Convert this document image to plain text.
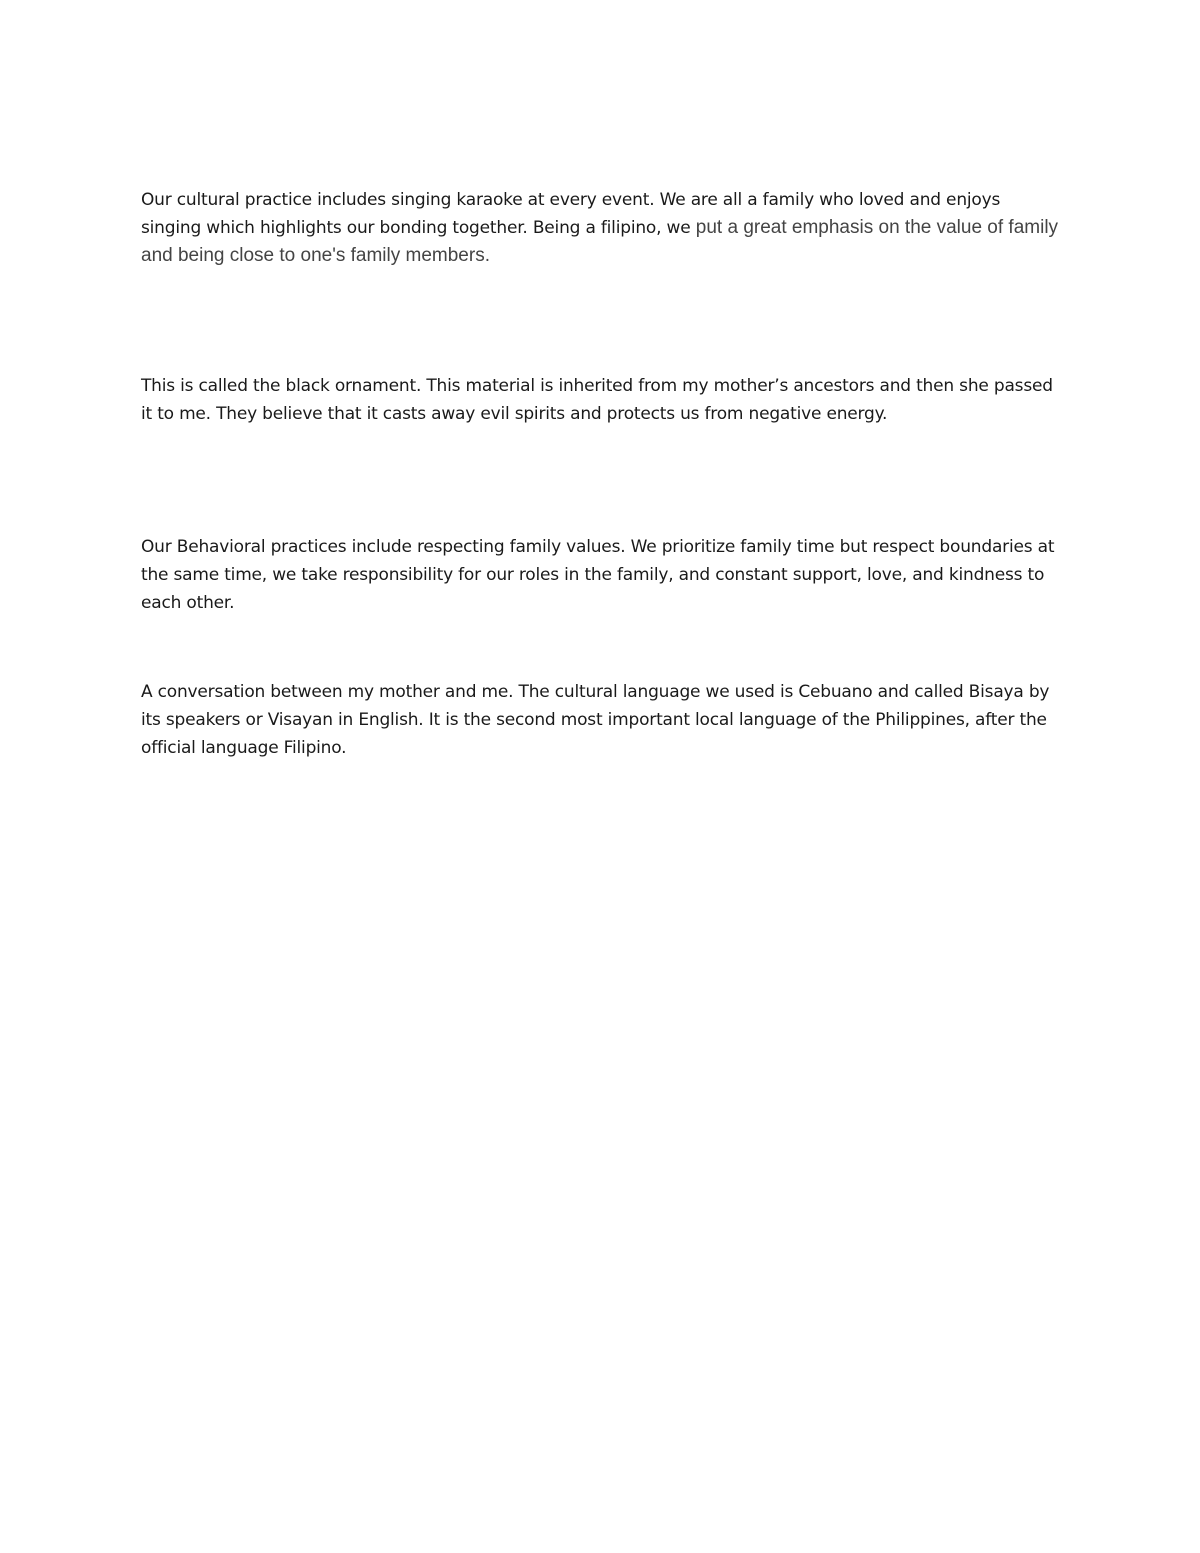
Our cultural practice includes singing karaoke at every event. We are all a family who loved and enjoys singing which highlights our bonding together. Being a filipino, we put a great emphasis on the value of family and being close to one's family members.

This is called the black ornament. This material is inherited from my mother’s ancestors and then she passed it to me. They believe that it casts away evil spirits and protects us from negative energy.

Our Behavioral practices include respecting family values. We prioritize family time but respect boundaries at the same time, we take responsibility for our roles in the family, and constant support, love, and kindness to each other.

A conversation between my mother and me. The cultural language we used is Cebuano and called Bisaya by its speakers or Visayan in English. It is the second most important local language of the Philippines, after the official language Filipino.
